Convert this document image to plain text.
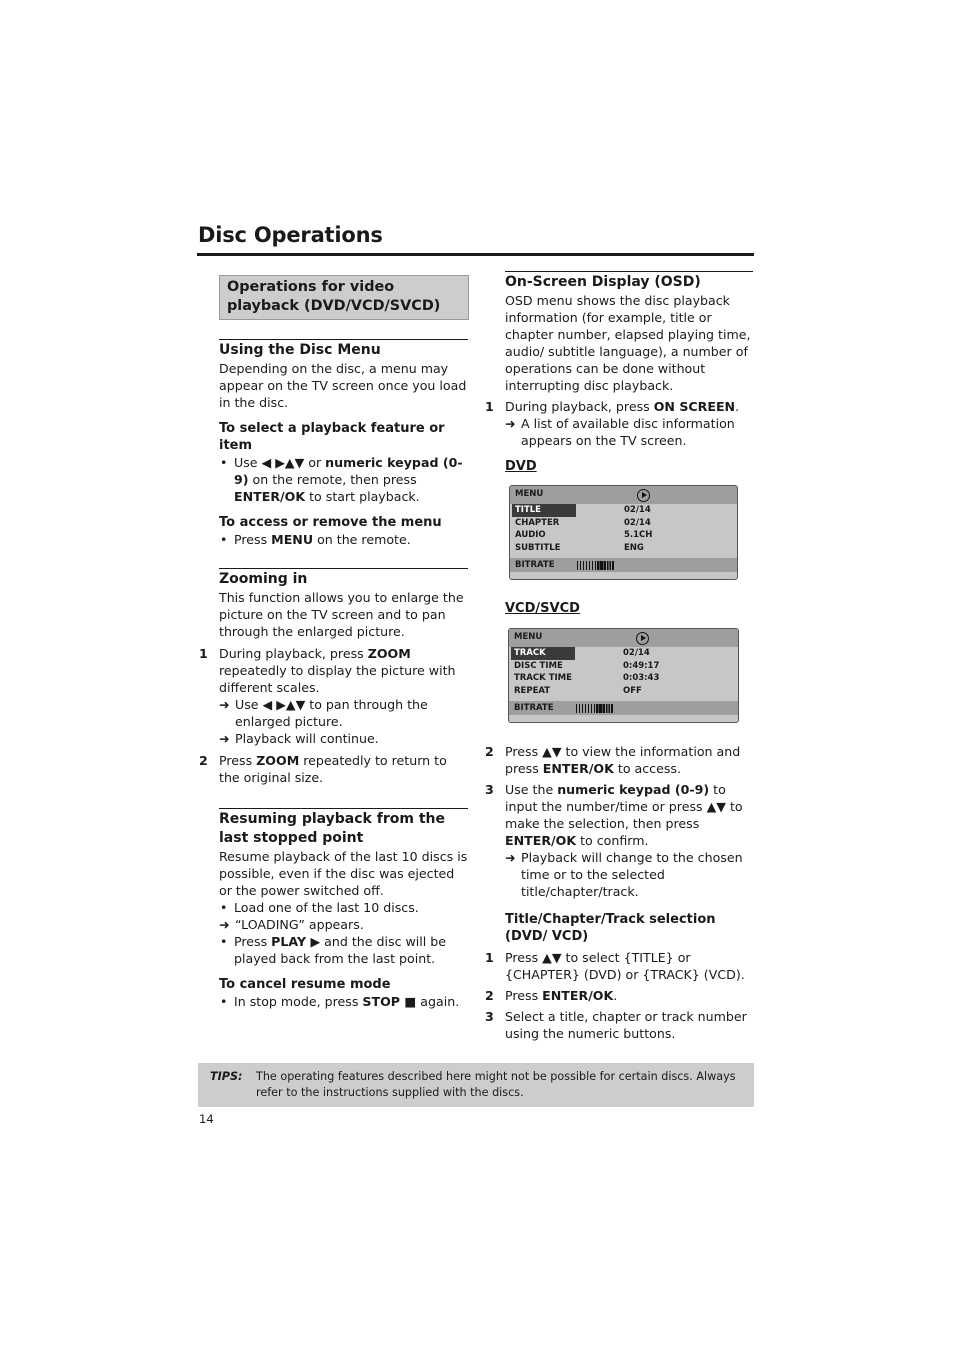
Disc Operations
Operations for video playback (DVD/VCD/SVCD)
Using the Disc Menu

Depending on the disc, a menu may appear on the TV screen once you load in the disc.

To select a playback feature or item

• Use ◀ ▶▲▼ or numeric keypad (0-9) on the remote, then press ENTER/OK to start playback.

To access or remove the menu

• Press MENU on the remote.

Zooming in

This function allows you to enlarge the picture on the TV screen and to pan through the enlarged picture.

1 During playback, press ZOOM repeatedly to display the picture with different scales.

➜ Use ◀ ▶▲▼ to pan through the enlarged picture.

➜ Playback will continue.

2 Press ZOOM repeatedly to return to the original size.

Resuming playback from the last stopped point

Resume playback of the last 10 discs is possible, even if the disc was ejected or the power switched off.

• Load one of the last 10 discs.

➜ “LOADING” appears.

• Press PLAY ▶ and the disc will be played back from the last point.

To cancel resume mode

• In stop mode, press STOP ■ again.

On-Screen Display (OSD)

OSD menu shows the disc playback information (for example, title or chapter number, elapsed playing time, audio/ subtitle language), a number of operations can be done without interrupting disc playback.

1 During playback, press ON SCREEN.

➜ A list of available disc information appears on the TV screen.

DVD
MENU
TITLE	02/14
CHAPTER	02/14
AUDIO	5.1CH
SUBTITLE	ENG
BITRATE
VCD/SVCD
MENU
TRACK	02/14
DISC TIME	0:49:17
TRACK TIME	0:03:43
REPEAT	OFF
BITRATE

2 Press ▲▼ to view the information and press ENTER/OK to access.

3 Use the numeric keypad (0-9) to input the number/time or press ▲▼ to make the selection, then press ENTER/OK to confirm.

➜ Playback will change to the chosen time or to the selected title/chapter/track.

Title/Chapter/Track selection (DVD/ VCD)

1 Press ▲▼ to select {TITLE} or {CHAPTER} (DVD) or {TRACK} (VCD).

2 Press ENTER/OK.

3 Select a title, chapter or track number using the numeric buttons.

TIPS: The operating features described here might not be possible for certain discs. Always refer to the instructions supplied with the discs.
14
